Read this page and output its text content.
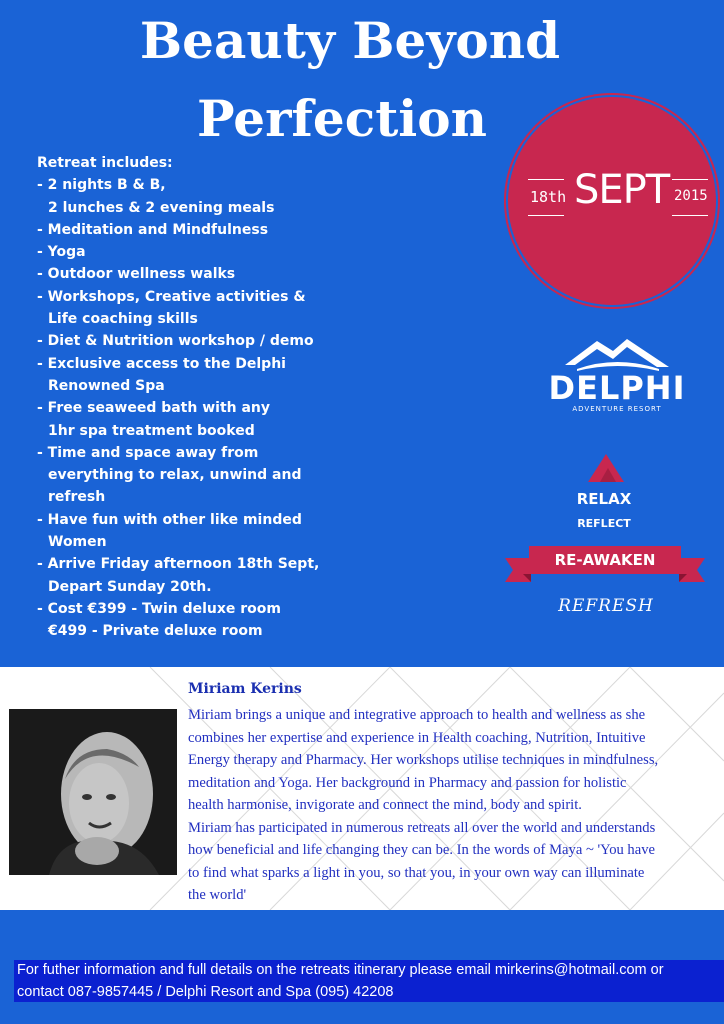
Beauty Beyond
Perfection
Retreat includes:
- 2 nights B & B,
2 lunches & 2 evening meals
- Meditation and Mindfulness
- Yoga
- Outdoor wellness walks
- Workshops, Creative activities &
Life coaching skills
- Diet & Nutrition workshop / demo
- Exclusive access to the Delphi
Renowned Spa
- Free seaweed bath with any
1hr spa treatment booked
- Time and space away from
everything to relax, unwind and
refresh
- Have fun with other like minded
Women
- Arrive Friday afternoon 18th Sept,
Depart Sunday 20th.
- Cost €399 - Twin deluxe room
€499 - Private deluxe room
18th SEPT 2015
DELPHI
ADVENTURE RESORT
RELAX
REFLECT
RE-AWAKEN
REFRESH
Miriam Kerins
Miriam brings a unique and integrative approach to health and wellness as she
combines her expertise and experience in Health coaching, Nutrition, Intuitive
Energy therapy and Pharmacy. Her workshops utilise techniques in mindfulness,
meditation and Yoga. Her background in Pharmacy and passion for holistic
health harmonise, invigorate and connect the mind, body and spirit.
Miriam has participated in numerous retreats all over the world and understands
how beneficial and life changing they can be. In the words of Maya ~ 'You have
to find what sparks a light in you, so that you, in your own way can illuminate
the world'
For futher information and full details on the retreats itinerary please email mirkerins@hotmail.com or
contact 087-9857445 / Delphi Resort and Spa (095) 42208
